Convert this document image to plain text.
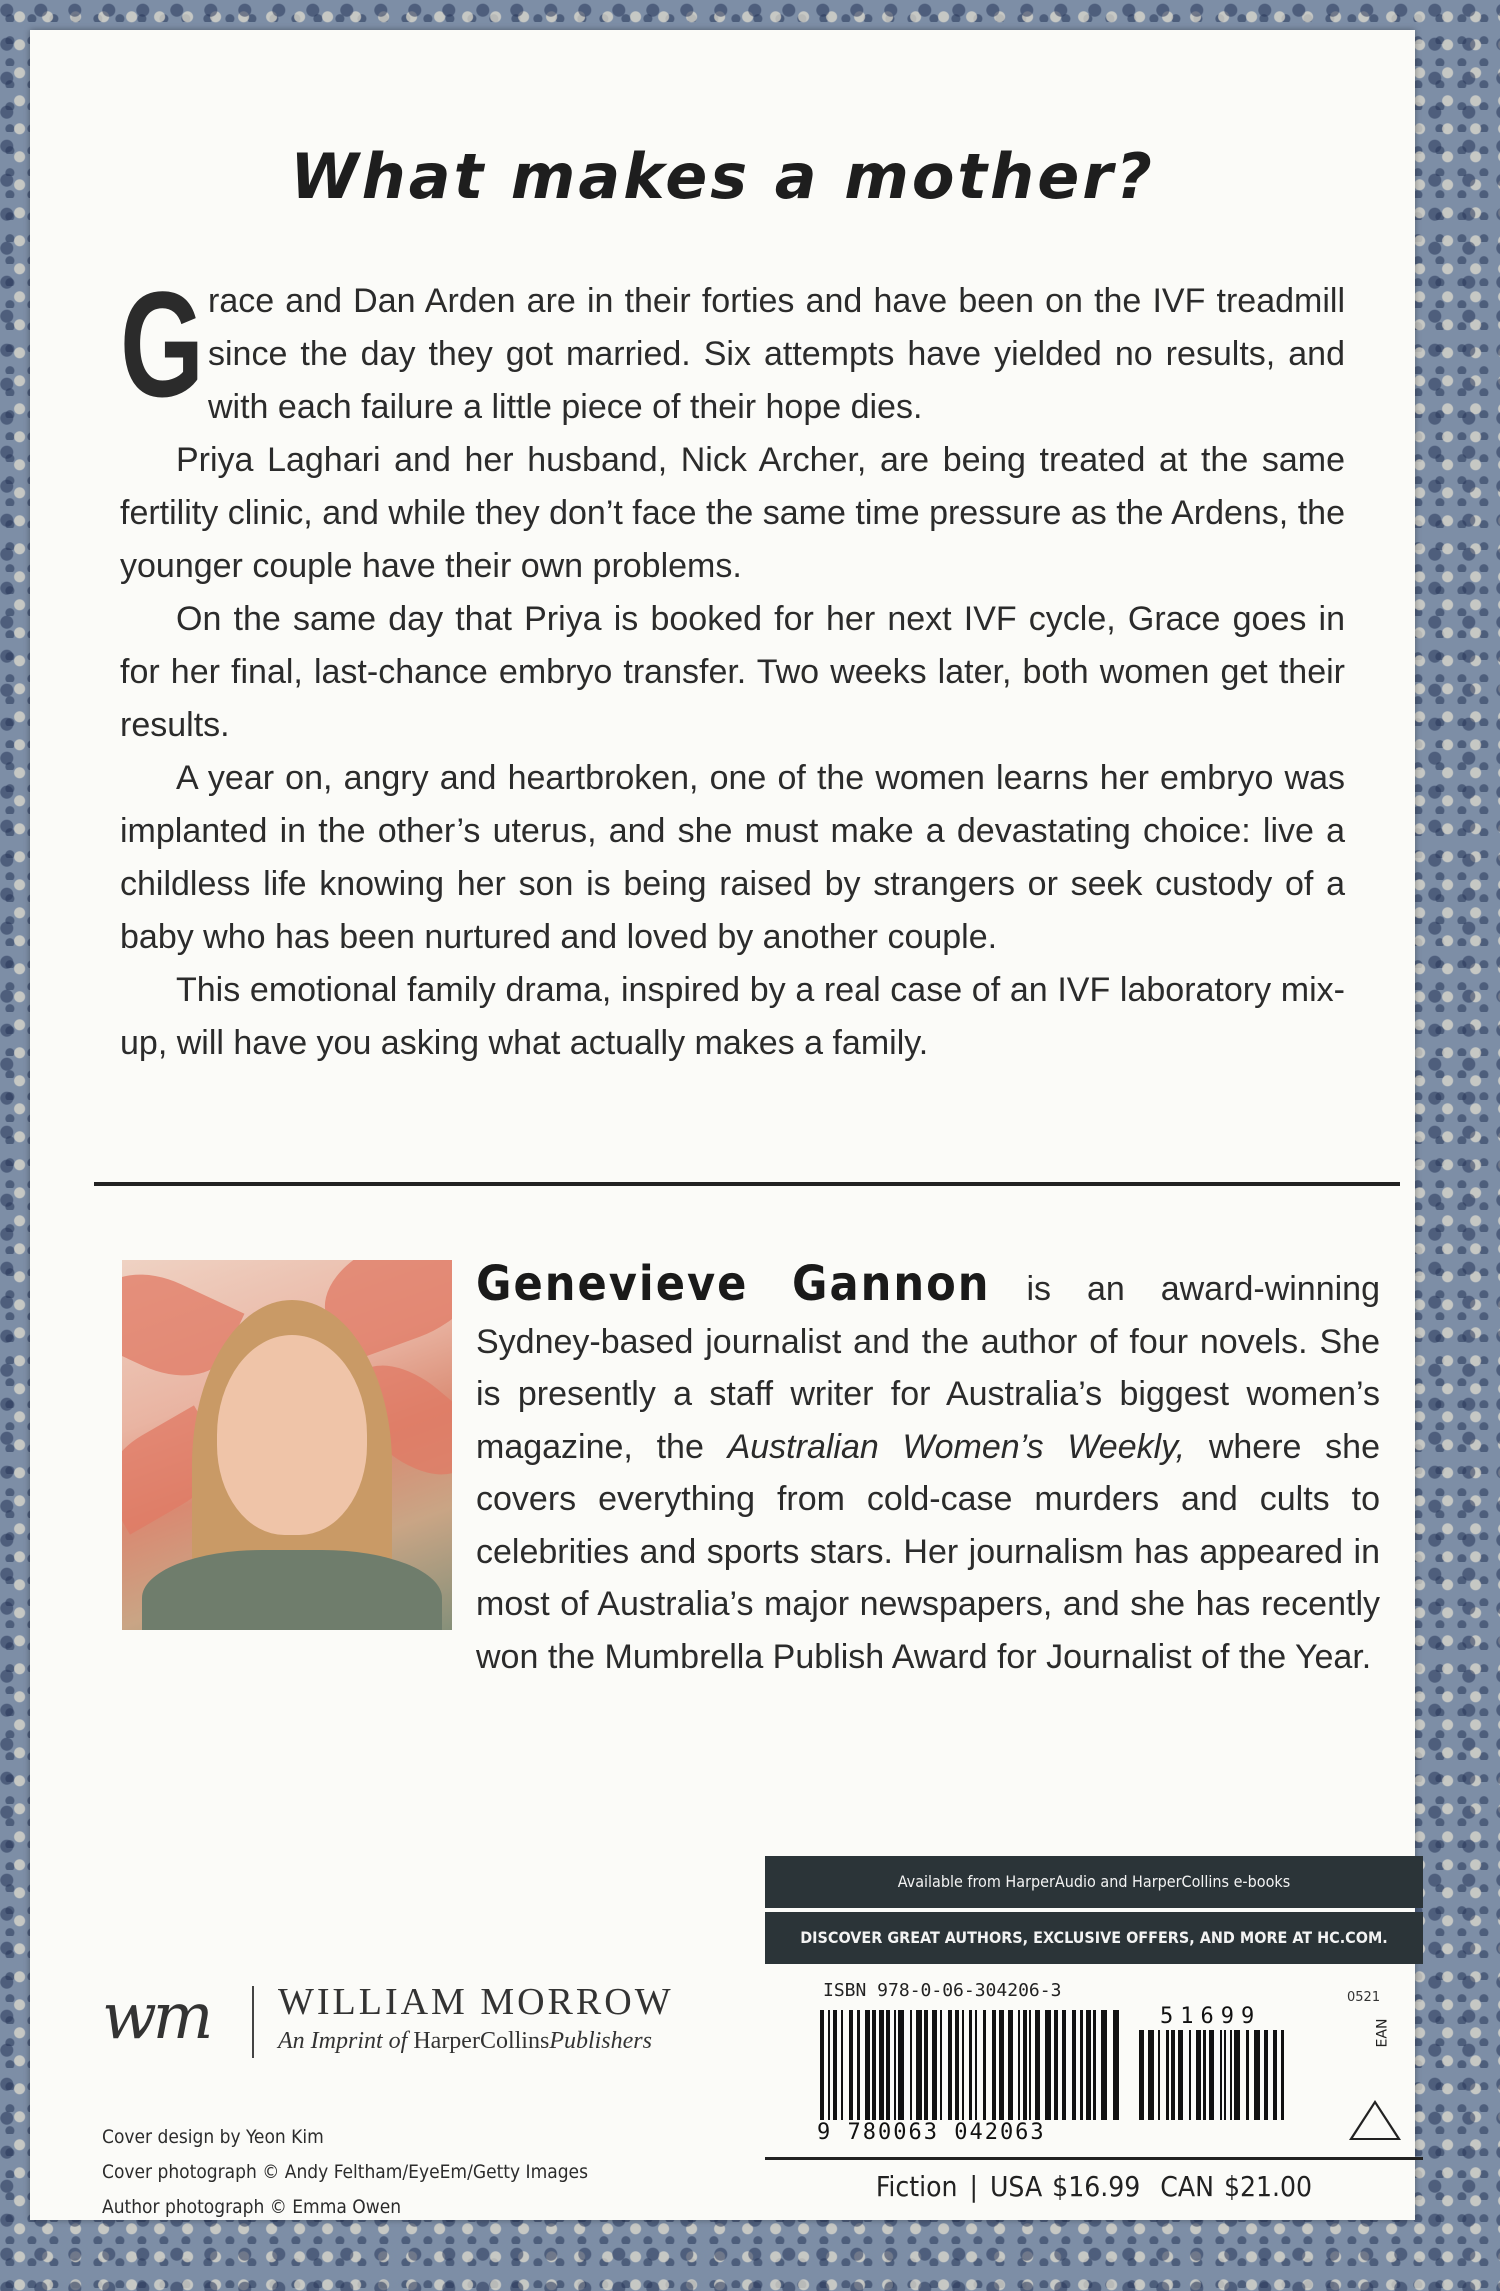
What makes a mother?

Grace and Dan Arden are in their forties and have been on the IVF treadmill since the day they got married. Six attempts have yielded no results, and with each failure a little piece of their hope dies.

Priya Laghari and her husband, Nick Archer, are being treated at the same fertility clinic, and while they don’t face the same time pressure as the Ardens, the younger couple have their own problems.

On the same day that Priya is booked for her next IVF cycle, Grace goes in for her final, last-chance embryo transfer. Two weeks later, both women get their results.

A year on, angry and heartbroken, one of the women learns her embryo was implanted in the other’s uterus, and she must make a devastating choice: live a childless life knowing her son is being raised by strangers or seek custody of a baby who has been nurtured and loved by another couple.

This emotional family drama, inspired by a real case of an IVF laboratory mix-up, will have you asking what actually makes a family.

Genevieve Gannon is an award-winning Sydney-based journalist and the author of four novels. She is presently a staff writer for Australia’s biggest women’s magazine, the Australian Women’s Weekly, where she covers everything from cold-case murders and cults to celebrities and sports stars. Her journalism has appeared in most of Australia’s major newspapers, and she has recently won the Mumbrella Publish Award for Journalist of the Year.
wm WILLIAM MORROW
An Imprint of HarperCollinsPublishers
Cover design by Yeon Kim
Cover photograph © Andy Feltham/EyeEm/Getty Images
Author photograph © Emma Owen
Available from HarperAudio and HarperCollins e-books
DISCOVER GREAT AUTHORS, EXCLUSIVE OFFERS, AND MORE AT HC.COM.
ISBN 978-0-06-304206-3	0521
9 780063 042063
51699
EAN
Fiction | USA $16.99 CAN $21.00
